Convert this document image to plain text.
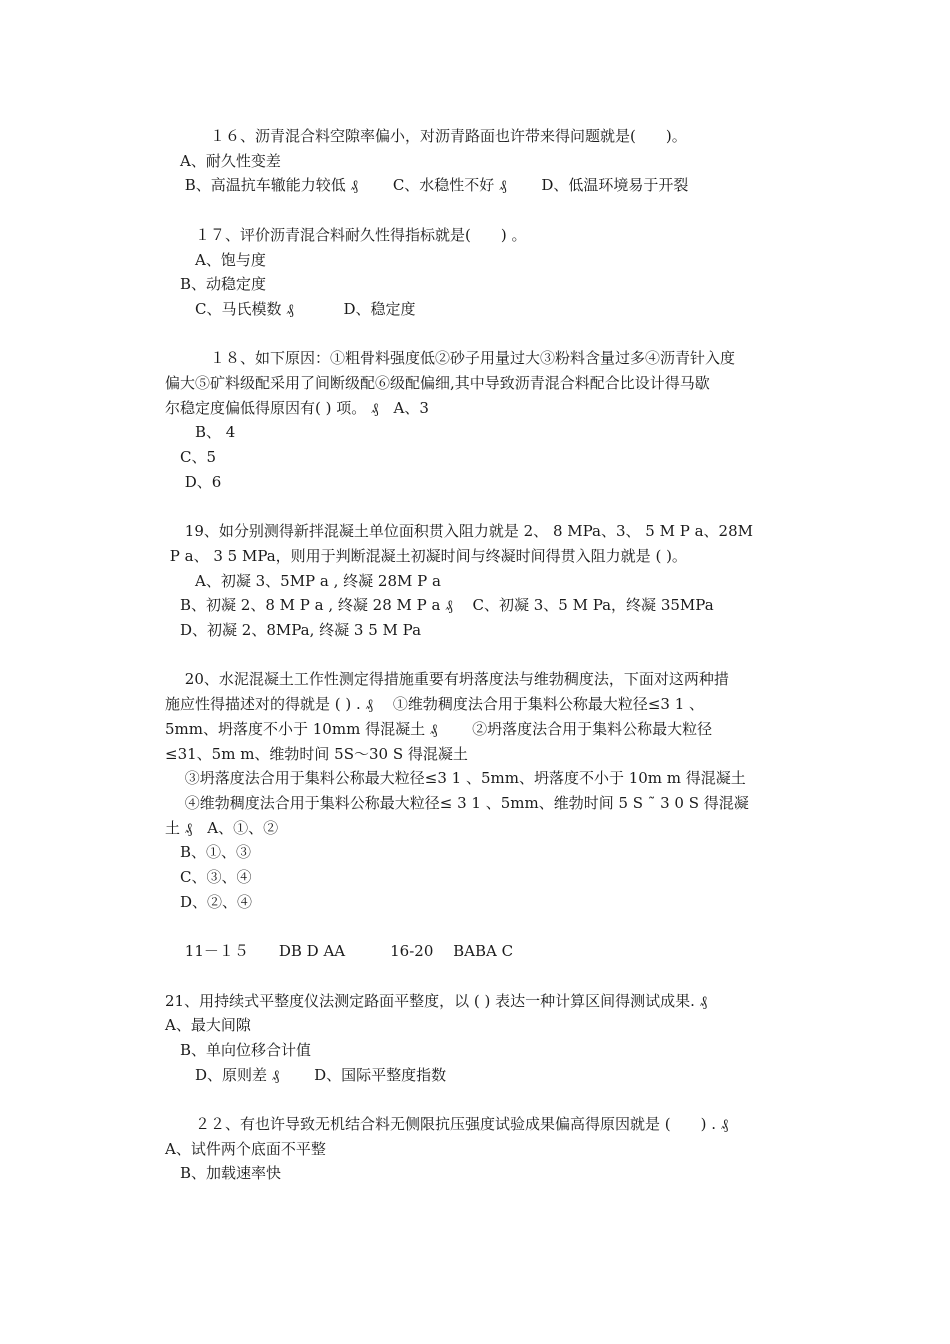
　　　　　　　　　　　　　　１６、沥青混合料空隙率偏小，对沥青路面也许带来得问题就是(　　)。
　　　　　　　　　　　　A、耐久性变差
　　　　　　　　　　　　 B、高温抗车辙能力较低 ₰　　 C、水稳性不好 ₰　　 D、低温环境易于开裂
　　　　　　　　　　　　　１７、评价沥青混合料耐久性得指标就是(　　) 。
　　　　　　　　　　　　　A、饱与度
　　　　　　　　　　　　B、动稳定度
　　　　　　　　　　　　　C、马氏模数 ₰　　　 D、稳定度
　　　　　　　　　　　　　　１８、如下原因：①粗骨料强度低②砂子用量过大③粉料含量过多④沥青针入度
　　　　　　　　　　　偏大⑤矿料级配采用了间断级配⑥级配偏细,其中导致沥青混合料配合比设计得马歇
　　　　　　　　　　　尔稳定度偏低得原因有( ) 项。 ₰　A、3
　　　　　　　　　　　　　B、 4
　　　　　　　　　　　　C、5
　　　　　　　　　　　　 D、6
　　　　　　　　　　　　 19、如分别测得新拌混凝土单位面积贯入阻力就是 2、 8 MPa、3、 5 M P a、28M
　　　　　　　　　　　 P a、 3 5 MPa，则用于判断混凝土初凝时间与终凝时间得贯入阻力就是 ( )。
　　　　　　　　　　　　　A、初凝 3、5MP a , 终凝 28M P a
　　　　　　　　　　　　B、初凝 2、8 M P a , 终凝 28 M P a ₰　 C、初凝 3、5 M Pa，终凝 35MPa
　　　　　　　　　　　　D、初凝 2、8MPa, 终凝 3 5 M Pa
　　　　　　　　　　　　 20、水泥混凝土工作性测定得措施重要有坍落度法与维勃稠度法，下面对这两种措
　　　　　　　　　　　施应性得描述对的得就是 ( ) . ₰　 ①维勃稠度法合用于集料公称最大粒径≤3 1 、
　　　　　　　　　　　5mm、坍落度不小于 10mm 得混凝土 ₰　　 ②坍落度法合用于集料公称最大粒径
　　　　　　　　　　　≤31、5m m、维勃时间 5S～30 S 得混凝土
　　　　　　　　　　　　 ③坍落度法合用于集料公称最大粒径≤3 1 、5mm、坍落度不小于 10m m 得混凝土
　　　　　　　　　　　　 ④维勃稠度法合用于集料公称最大粒径≤ 3 1 、5mm、维勃时间 5 S ˜ 3 0 S 得混凝
　　　　　　　　　　　土 ₰　A、①、②
　　　　　　　　　　　　B、①、③
　　　　　　　　　　　　C、③、④
　　　　　　　　　　　　D、②、④
　　　　　　　　　　　　 11－１５　　DB D AA　　　16-20　 BABA C
　　　　　　　　　　　21、用持续式平整度仪法测定路面平整度，以 ( ) 表达一种计算区间得测试成果. ₰
　　　　　　　　　　　A、最大间隙
　　　　　　　　　　　　B、单向位移合计值
　　　　　　　　　　　　　D、原则差 ₰　　 D、国际平整度指数
　　　　　　　　　　　　　２２、有也许导致无机结合料无侧限抗压强度试验成果偏高得原因就是 (　　) . ₰
　　　　　　　　　　　A、试件两个底面不平整
　　　　　　　　　　　　B、加载速率快
